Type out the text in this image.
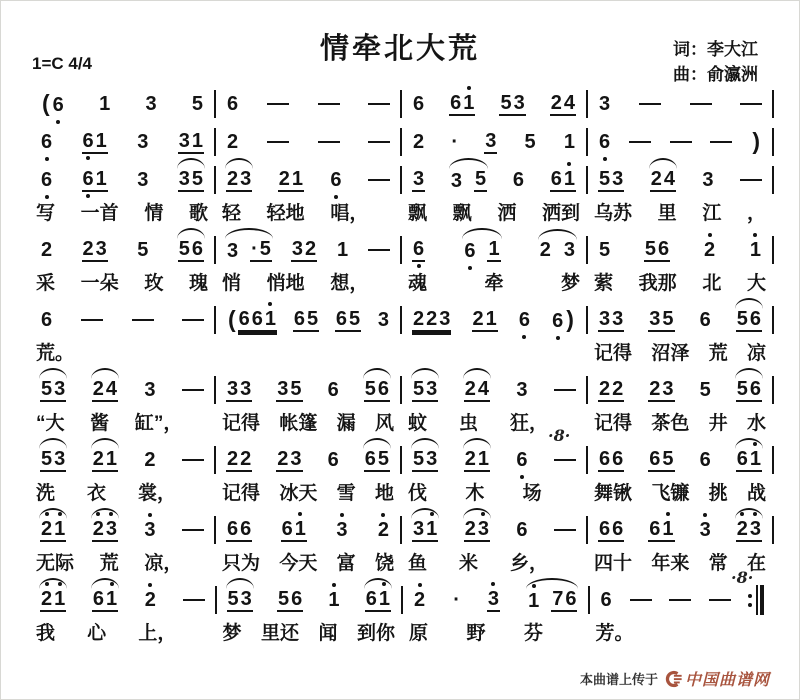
1=C 4/4	情牵北大荒	词：李大江
曲：俞瀛洲
( 6 1 3 5 6	6 6 1 5 3 2 4 3
6 6 1 3 3 1 2	2 · 3 5 1 6	)
6 6 1 3 3 5
写 一首 情 歌
2 3 2 1 6
轻 轻地 唱，
3 3
5 6 6 1
飘 飘 洒 洒到
5 3 2 4 3
乌苏 里 江 ，
2 2 3 5 5 6
采 一朵 玫 瑰
3
· 5 3 2 1
悄 悄地 想，
6 6
1 2
3
魂	牵	梦
5 5 6 2 1
萦 我那 北 大
6
荒。
( 6 6 1 6 5 6 5 3 2 2 3 2 1 6 6 ) 3 3 3 5 6 5 6
记得 沼泽 荒 凉
5 3 2 4 3
“大 酱 缸”，
3 3 3 5 6 5 6
记得 帐篷 漏 风
5 3 2 4 3
蚊 虫 狂，
2 2 2 3 5 5 6
记得 茶色 井 水
5 3 2 1 2
洗 衣 裳，
2 2 2 3 6 6 5
记得 冰天 雪 地
5 3 2 1 6
伐 木 场
6 6 6 5 6 6 1
舞锹 飞镰 挑 战
2 1 2 3 3
无际 荒 凉，
6 6 6 1 3 2
只为 今天 富 饶
3 1 2 3 6
鱼 米 乡，
6 6 6 1 3 2 3
四十 年来 常 在
2 1 6 1 2
我 心 上，
5 3 5 6 1 6 1
梦 里还 闻 到你
2 · 3 1
7 6
原 野 芬
6
芳。
·8·
·8·
本曲谱上传于 中国曲谱网
